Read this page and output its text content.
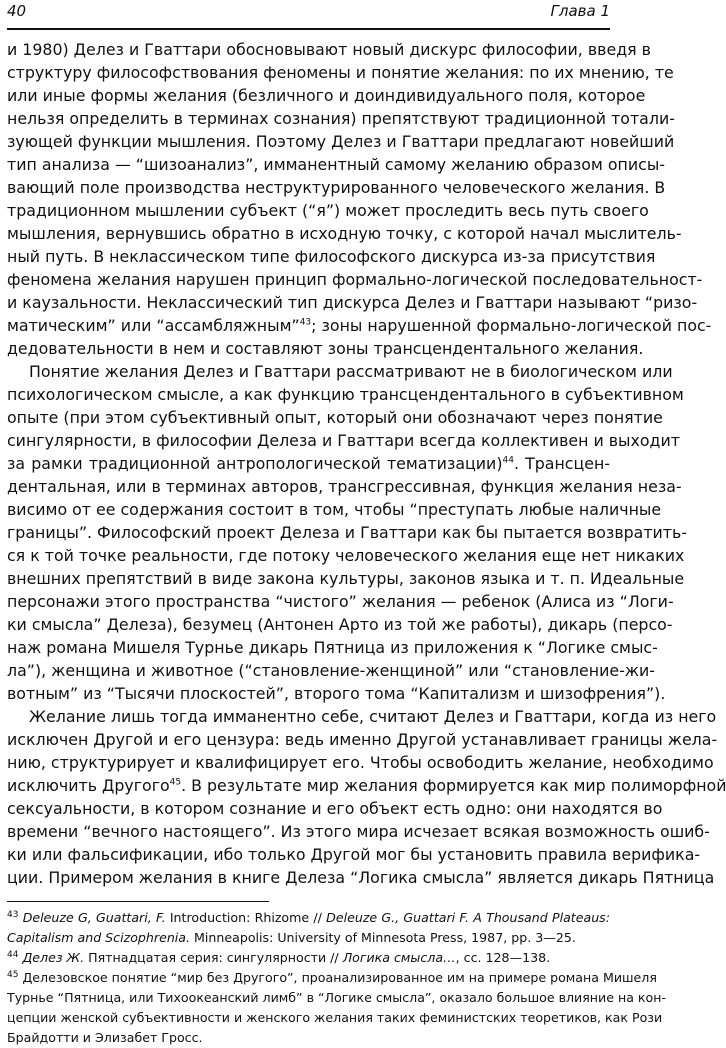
40	Глава 1
и 1980) Делез и Гваттари обосновывают новый дискурс философии, введя в
структуру философствования феномены и понятие желания: по их мнению, те
или иные формы желания (безличного и доиндивидуального поля, которое
нельзя определить в терминах сознания) препятствуют традиционной тотали-
зующей функции мышления. Поэтому Делез и Гваттари предлагают новейший
тип анализа — “шизоанализ”, имманентный самому желанию образом описы-
вающий поле производства неструктурированного человеческого желания. В
традиционном мышлении субъект (“я”) может проследить весь путь своего
мышления, вернувшись обратно в исходную точку, с которой начал мыслитель-
ный путь. В неклассическом типе философского дискурса из-за присутствия
феномена желания нарушен принцип формально-логической последовательност-
и каузальности. Неклассический тип дискурса Делез и Гваттари называют “ризо-
матическим” или “ассамбляжным”$^{43}$; зоны нарушенной формально-логической пос-
дедовательности в нем и составляют зоны трансцендентального желания.
Понятие желания Делез и Гваттари рассматривают не в биологическом или
психологическом смысле, а как функцию трансцендентального в субъективном
опыте (при этом субъективный опыт, который они обозначают через понятие
сингулярности, в философии Делеза и Гваттари всегда коллективен и выходит
за рамки традиционной антропологической тематизации)$^{44}$. Трансцен-
дентальная, или в терминах авторов, трансгрессивная, функция желания неза-
висимо от ее содержания состоит в том, чтобы “преступать любые наличные
границы”. Философский проект Делеза и Гваттари как бы пытается возвратить-
ся к той точке реальности, где потоку человеческого желания еще нет никаких
внешних препятствий в виде закона культуры, законов языка и т. п. Идеальные
персонажи этого пространства “чистого” желания — ребенок (Алиса из “Логи-
ки смысла” Делеза), безумец (Антонен Арто из той же работы), дикарь (персо-
наж романа Мишеля Турнье дикарь Пятница из приложения к “Логике смыс-
ла”), женщина и животное (“становление-женщиной” или “становление-жи-
вотным” из “Тысячи плоскостей”, второго тома “Капитализм и шизофрения”).
Желание лишь тогда имманентно себе, считают Делез и Гваттари, когда из него
исключен Другой и его цензура: ведь именно Другой устанавливает границы жела-
нию, структурирует и квалифицирует его. Чтобы освободить желание, необходимо
исключить Другого$^{45}$. В результате мир желания формируется как мир полиморфной
сексуальности, в котором сознание и его объект есть одно: они находятся во
времени “вечного настоящего”. Из этого мира исчезает всякая возможность ошиб-
ки или фальсификации, ибо только Другой мог бы установить правила верифика-
ции. Примером желания в книге Делеза “Логика смысла” является дикарь Пятница
$^{43}$ Deleuze G, Guattari, F. Introduction: Rhizome // Deleuze G., Guattari F. A Thousand Plateaus:
Capitalism and Scizophrenia. Minneapolis: University of Minnesota Press, 1987, pp. 3—25.
$^{44}$ Делез Ж. Пятнадцатая серия: сингулярности // Логика смысла…, сс. 128—138.
$^{45}$ Делезовское понятие “мир без Другого”, проанализированное им на примере романа Мишеля
Турнье “Пятница, или Тихоокеанский лимб” в “Логике смысла”, оказало большое влияние на кон-
цепции женской субъективности и женского желания таких феминистских теоретиков, как Рози
Брайдотти и Элизабет Гросс.
